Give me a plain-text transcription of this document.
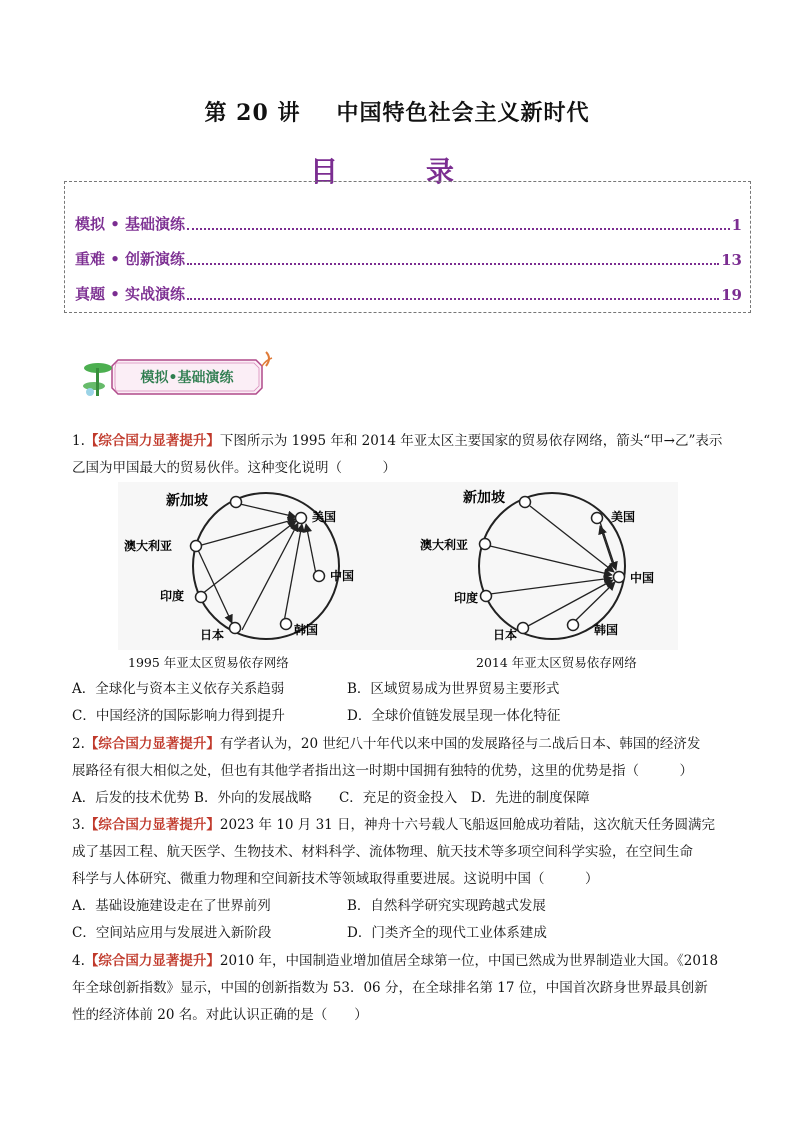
第 20 讲 中国特色社会主义新时代
目　录
模拟 • 基础演练	1
重难 • 创新演练	13
真题 • 实战演练	19
模拟•基础演练
1.【综合国力显著提升】下图所示为 1995 年和 2014 年亚太区主要国家的贸易依存网络，箭头“甲→乙”表示
乙国为甲国最大的贸易伙伴。这种变化说明（　　　）
新加坡
美国
澳大利亚
中国
印度
日本	韩国
新加坡
美国
澳大利亚
中国
印度
日本	韩国
1995 年亚太区贸易依存网络	2014 年亚太区贸易依存网络
A．全球化与资本主义依存关系趋弱	B．区域贸易成为世界贸易主要形式
C．中国经济的国际影响力得到提升	D．全球价值链发展呈现一体化特征
2.【综合国力显著提升】有学者认为，20 世纪八十年代以来中国的发展路径与二战后日本、韩国的经济发
展路径有很大相似之处，但也有其他学者指出这一时期中国拥有独特的优势，这里的优势是指（　　　）
A．后发的技术优势 B．外向的发展战略　　C．充足的资金投入　D．先进的制度保障
3.【综合国力显著提升】2023 年 10 月 31 日，神舟十六号载人飞船返回舱成功着陆，这次航天任务圆满完
成了基因工程、航天医学、生物技术、材料科学、流体物理、航天技术等多项空间科学实验，在空间生命
科学与人体研究、微重力物理和空间新技术等领域取得重要进展。这说明中国（　　　）
A．基础设施建设走在了世界前列	B．自然科学研究实现跨越式发展
C．空间站应用与发展进入新阶段	D．门类齐全的现代工业体系建成
4.【综合国力显著提升】2010 年，中国制造业增加值居全球第一位，中国已然成为世界制造业大国。《2018
年全球创新指数》显示，中国的创新指数为 53．06 分，在全球排名第 17 位，中国首次跻身世界最具创新
性的经济体前 20 名。对此认识正确的是（　　）
